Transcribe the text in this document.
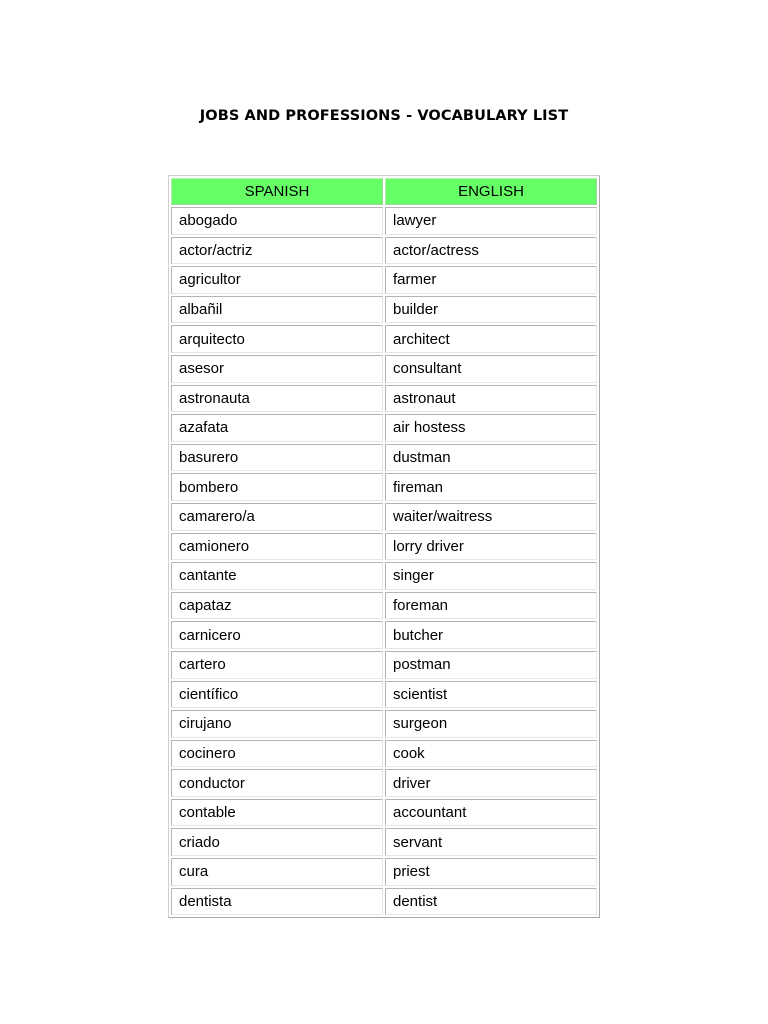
JOBS AND PROFESSIONS - VOCABULARY LIST
SPANISH	ENGLISH
abogado	lawyer
actor/actriz	actor/actress
agricultor	farmer
albañil	builder
arquitecto	architect
asesor	consultant
astronauta	astronaut
azafata	air hostess
basurero	dustman
bombero	fireman
camarero/a	waiter/waitress
camionero	lorry driver
cantante	singer
capataz	foreman
carnicero	butcher
cartero	postman
científico	scientist
cirujano	surgeon
cocinero	cook
conductor	driver
contable	accountant
criado	servant
cura	priest
dentista	dentist
